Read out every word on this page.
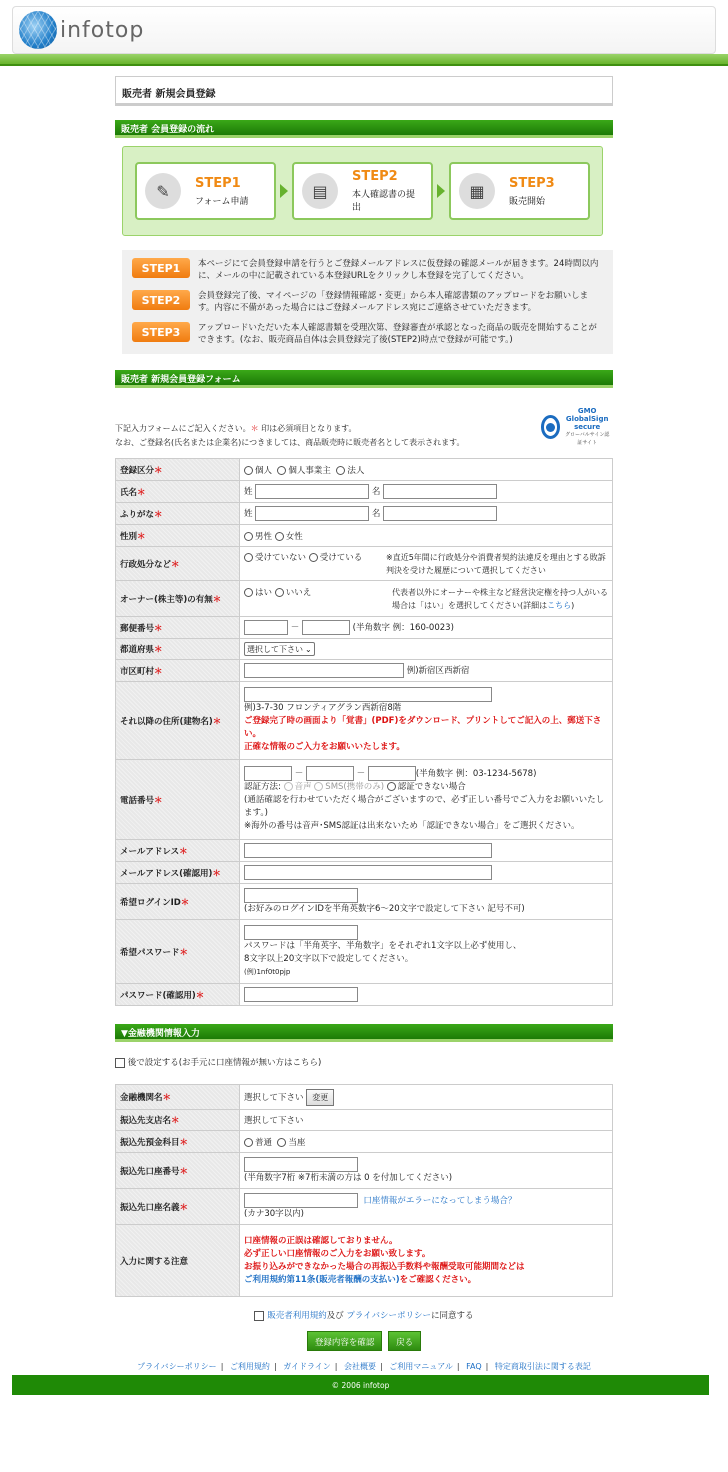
infotop
販売者 新規会員登録
販売者 会員登録の流れ
✎	STEP1
フォーム申請
▤
STEP2
本人確認書の提出
▦	STEP3
販売開始
STEP1	本ページにて会員登録申請を行うとご登録メールアドレスに仮登録の確認メールが届きます。24時間以内に、メールの中に記載されている本登録URLをクリックし本登録を完了してください。
STEP2	会員登録完了後、マイページの「登録情報確認・変更」から本人確認書類のアップロードをお願いします。内容に不備があった場合にはご登録メールアドレス宛にご連絡させていただきます。
STEP3	アップロードいただいた本人確認書類を受理次第、登録審査が承認となった商品の販売を開始することができます。(なお、販売商品自体は会員登録完了後(STEP2)時点で登録が可能です。)
販売者 新規会員登録フォーム

下記入力フォームにご記入ください。＊ 印は必須項目となります。

なお、ご登録名(氏名または企業名)につきましては、商品販売時に販売者名として表示されます。

GMO
GlobalSign
secure
グローバルサイン認証サイト
登録区分＊	個人 個人事業主 法人
氏名＊	姓 名
ふりがな＊	姓 名
性別＊	男性 女性
行政処分など＊	受けていない 受けている ※直近5年間に行政処分や消費者契約法違反を理由とする敗訴判決を受けた履歴について選択してください

オーナー(株主等)の有無＊	はい いいえ 代表者以外にオーナーや株主など経営決定権を持つ人がいる場合は「はい」を選択してください(詳細はこちら)

郵便番号＊	－ (半角数字 例：160-0023)
都道府県＊	選択して下さい ⌄

市区町村＊	例)新宿区西新宿
それ以降の住所(建物名)＊	例)3-7-30 フロンティアグラン西新宿8階
ご登録完了時の画面より「覚書」(PDF)をダウンロード、プリントしてご記入の上、郵送下さい。
正確な情報のご入力をお願いいたします。
電話番号＊	－ － (半角数字 例：03-1234-5678)
認証方法: 音声 SMS(携帯のみ) 認証できない場合
(通話確認を行わせていただく場合がございますので、必ず正しい番号でご入力をお願いいたします。)
※海外の番号は音声･SMS認証は出来ないため「認証できない場合」をご選択ください。
メールアドレス＊	
メールアドレス(確認用)＊	
希望ログインID＊	(お好みのログインIDを半角英数字6～20文字で設定して下さい 記号不可)
希望パスワード＊	パスワードは「半角英字、半角数字」をそれぞれ1文字以上必ず使用し、
8文字以上20文字以下で設定してください。
(例)1nf0t0pjp
パスワード(確認用)＊	
▼金融機関情報入力
後で設定する(お手元に口座情報が無い方はこちら)
金融機関名＊	選択して下さい 変更
振込先支店名＊	選択して下さい
振込先預金科目＊	普通 当座
振込先口座番号＊	(半角数字7桁 ※7桁未満の方は 0 を付加してください)
振込先口座名義＊	口座情報がエラーになってしまう場合？
(カナ30字以内)
入力に関する注意	口座情報の正誤は確認しておりません。
必ず正しい口座情報のご入力をお願い致します。
お振り込みができなかった場合の再振込手数料や報酬受取可能期間などは
ご利用規約第11条(販売者報酬の支払い)をご確認ください。
販売者利用規約及び プライバシーポリシーに同意する
登録内容を確認	戻る
プライバシーポリシー | ご利用規約 | ガイドライン | 会社概要 | ご利用マニュアル | FAQ | 特定商取引法に関する表記
© 2006 infotop
